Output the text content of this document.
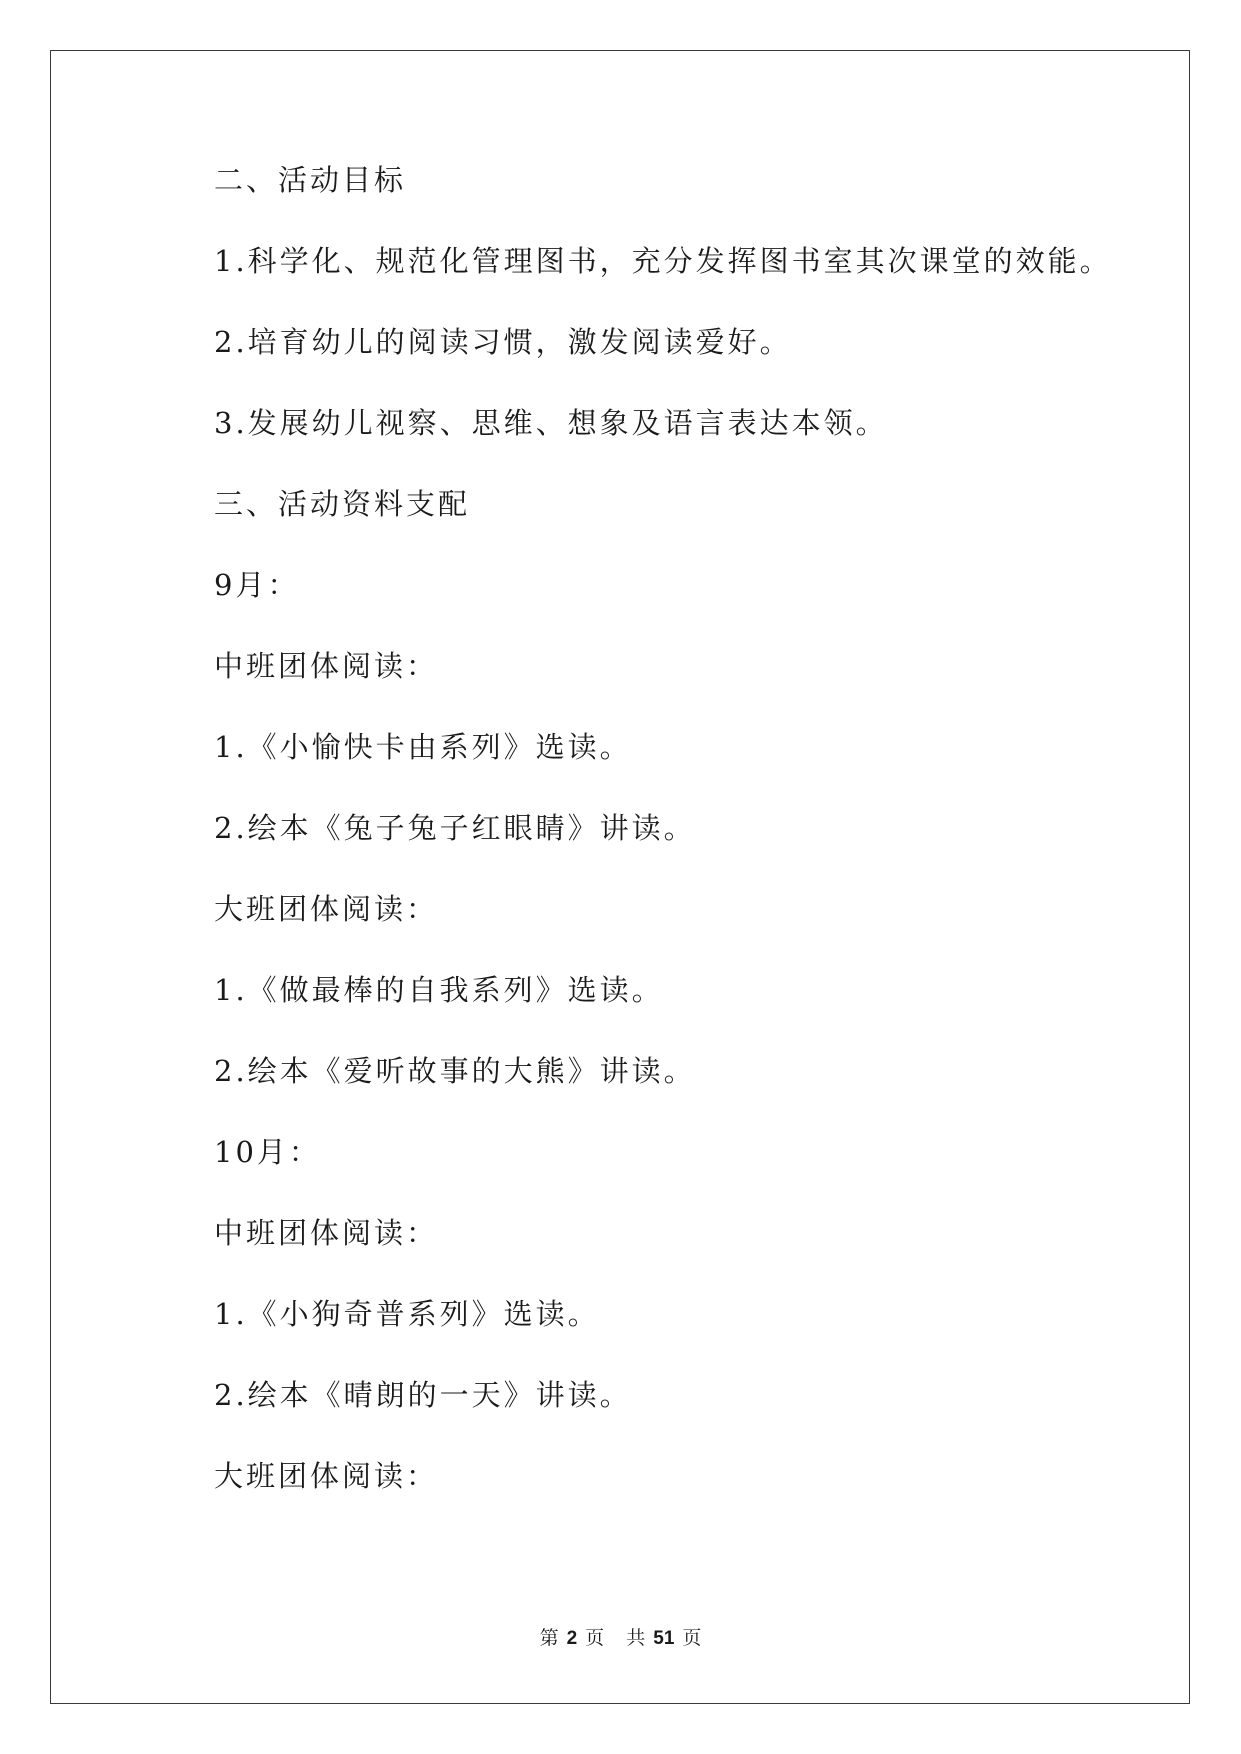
二、活动目标
1.科学化、规范化管理图书，充分发挥图书室其次课堂的效能。
2.培育幼儿的阅读习惯，激发阅读爱好。
3.发展幼儿视察、思维、想象及语言表达本领。
三、活动资料支配
9月：
中班团体阅读：
1.《小愉快卡由系列》选读。
2.绘本《兔子兔子红眼睛》讲读。
大班团体阅读：
1.《做最棒的自我系列》选读。
2.绘本《爱听故事的大熊》讲读。
10月：
中班团体阅读：
1.《小狗奇普系列》选读。
2.绘本《晴朗的一天》讲读。
大班团体阅读：
第 2 页 共 51 页
